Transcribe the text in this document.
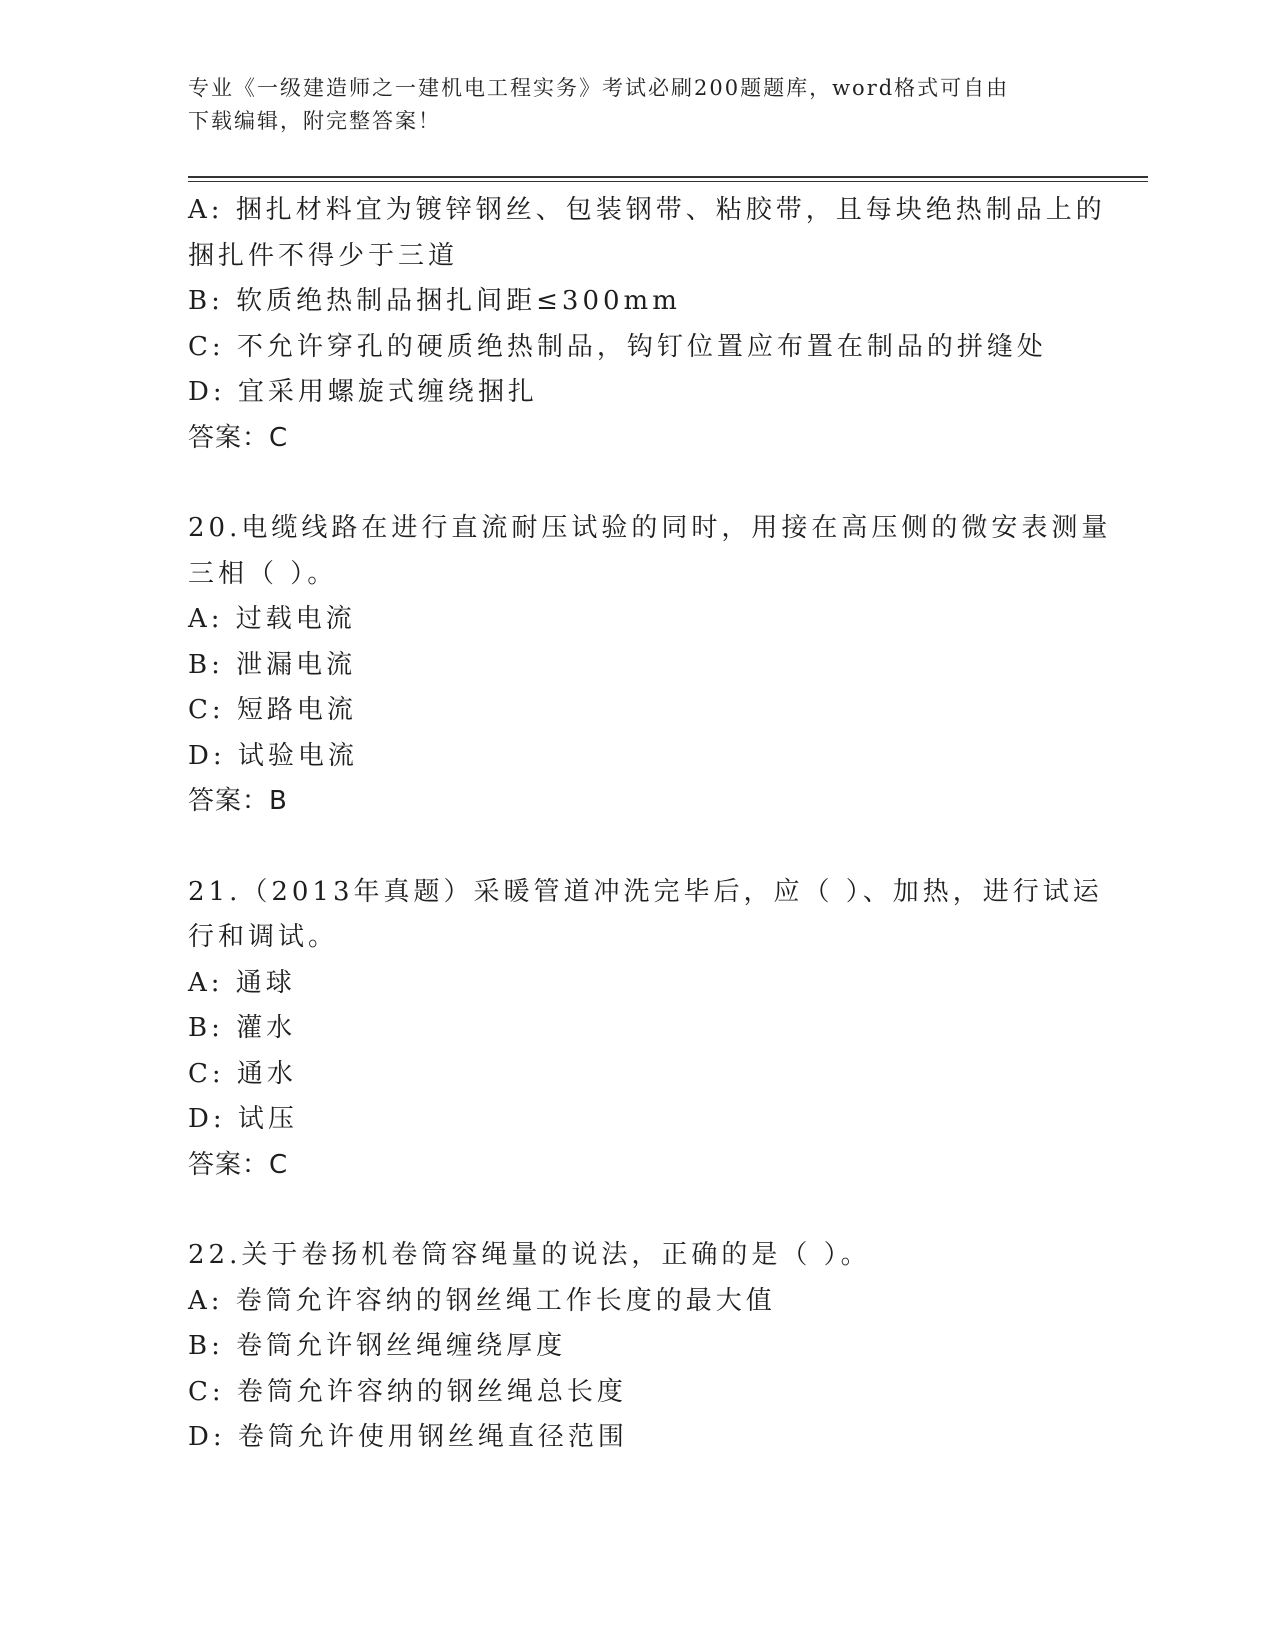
专业《一级建造师之一建机电工程实务》考试必刷200题题库，word格式可自由
下载编辑，附完整答案！
A: 捆扎材料宜为镀锌钢丝、包装钢带、粘胶带，且每块绝热制品上的
捆扎件不得少于三道
B: 软质绝热制品捆扎间距≤300mm
C: 不允许穿孔的硬质绝热制品，钩钉位置应布置在制品的拼缝处
D: 宜采用螺旋式缠绕捆扎
答案：C
20.电缆线路在进行直流耐压试验的同时，用接在高压侧的微安表测量
三相（ ）。
A: 过载电流
B: 泄漏电流
C: 短路电流
D: 试验电流
答案：B
21.（2013年真题）采暖管道冲洗完毕后，应（ ）、加热，进行试运
行和调试。
A: 通球
B: 灌水
C: 通水
D: 试压
答案：C
22.关于卷扬机卷筒容绳量的说法，正确的是（ ）。
A: 卷筒允许容纳的钢丝绳工作长度的最大值
B: 卷筒允许钢丝绳缠绕厚度
C: 卷筒允许容纳的钢丝绳总长度
D: 卷筒允许使用钢丝绳直径范围
